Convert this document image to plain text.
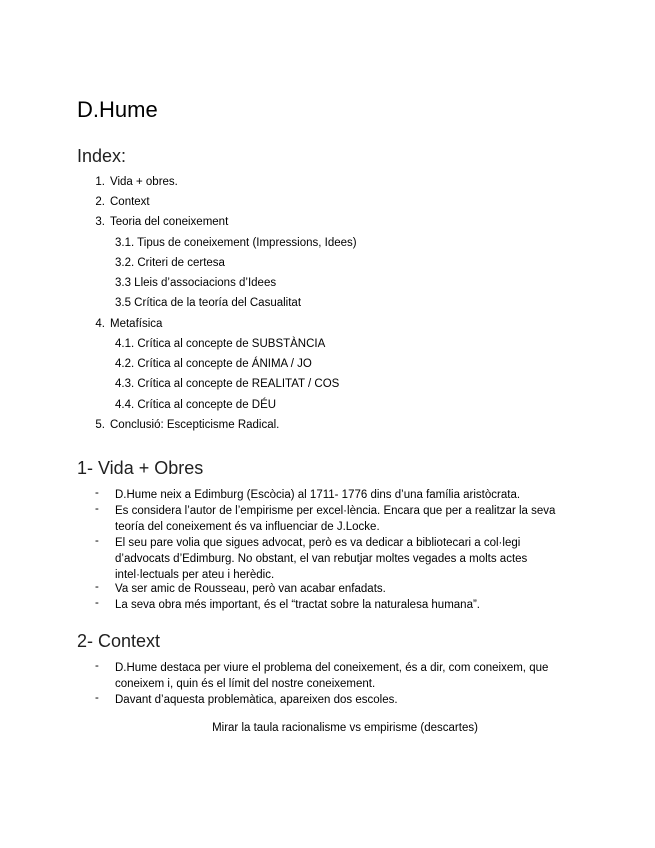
D.Hume
Index:
1. Vida + obres.
2. Context
3. Teoria del coneixement
3.1. Tipus de coneixement (Impressions, Idees)
3.2. Criteri de certesa
3.3 Lleis d’associacions d’Idees
3.5 Crítica de la teoría del Casualitat
4. Metafísica
4.1. Crítica al concepte de SUBSTÀNCIA
4.2. Crítica al concepte de ÁNIMA / JO
4.3. Crítica al concepte de REALITAT / COS
4.4. Crítica al concepte de DÉU
5. Conclusió: Escepticisme Radical.
1- Vida + Obres
- D.Hume neix a Edimburg (Escòcia) al 1711- 1776 dins d’una família aristòcrata.
- Es considera l’autor de l’empirisme per excel·lència. Encara que per a realitzar la seva teoría del coneixement és va influenciar de J.Locke.
- El seu pare volia que sigues advocat, però es va dedicar a bibliotecari a col·legi d’advocats d’Edimburg. No obstant, el van rebutjar moltes vegades a molts actes intel·lectuals per ateu i herèdic.
- Va ser amic de Rousseau, però van acabar enfadats.
- La seva obra més important, és el “tractat sobre la naturalesa humana”.
2- Context
- D.Hume destaca per viure el problema del coneixement, és a dir, com coneixem, que coneixem i, quin és el límit del nostre coneixement.
- Davant d’aquesta problemàtica, apareixen dos escoles.
Mirar la taula racionalisme vs empirisme (descartes)
